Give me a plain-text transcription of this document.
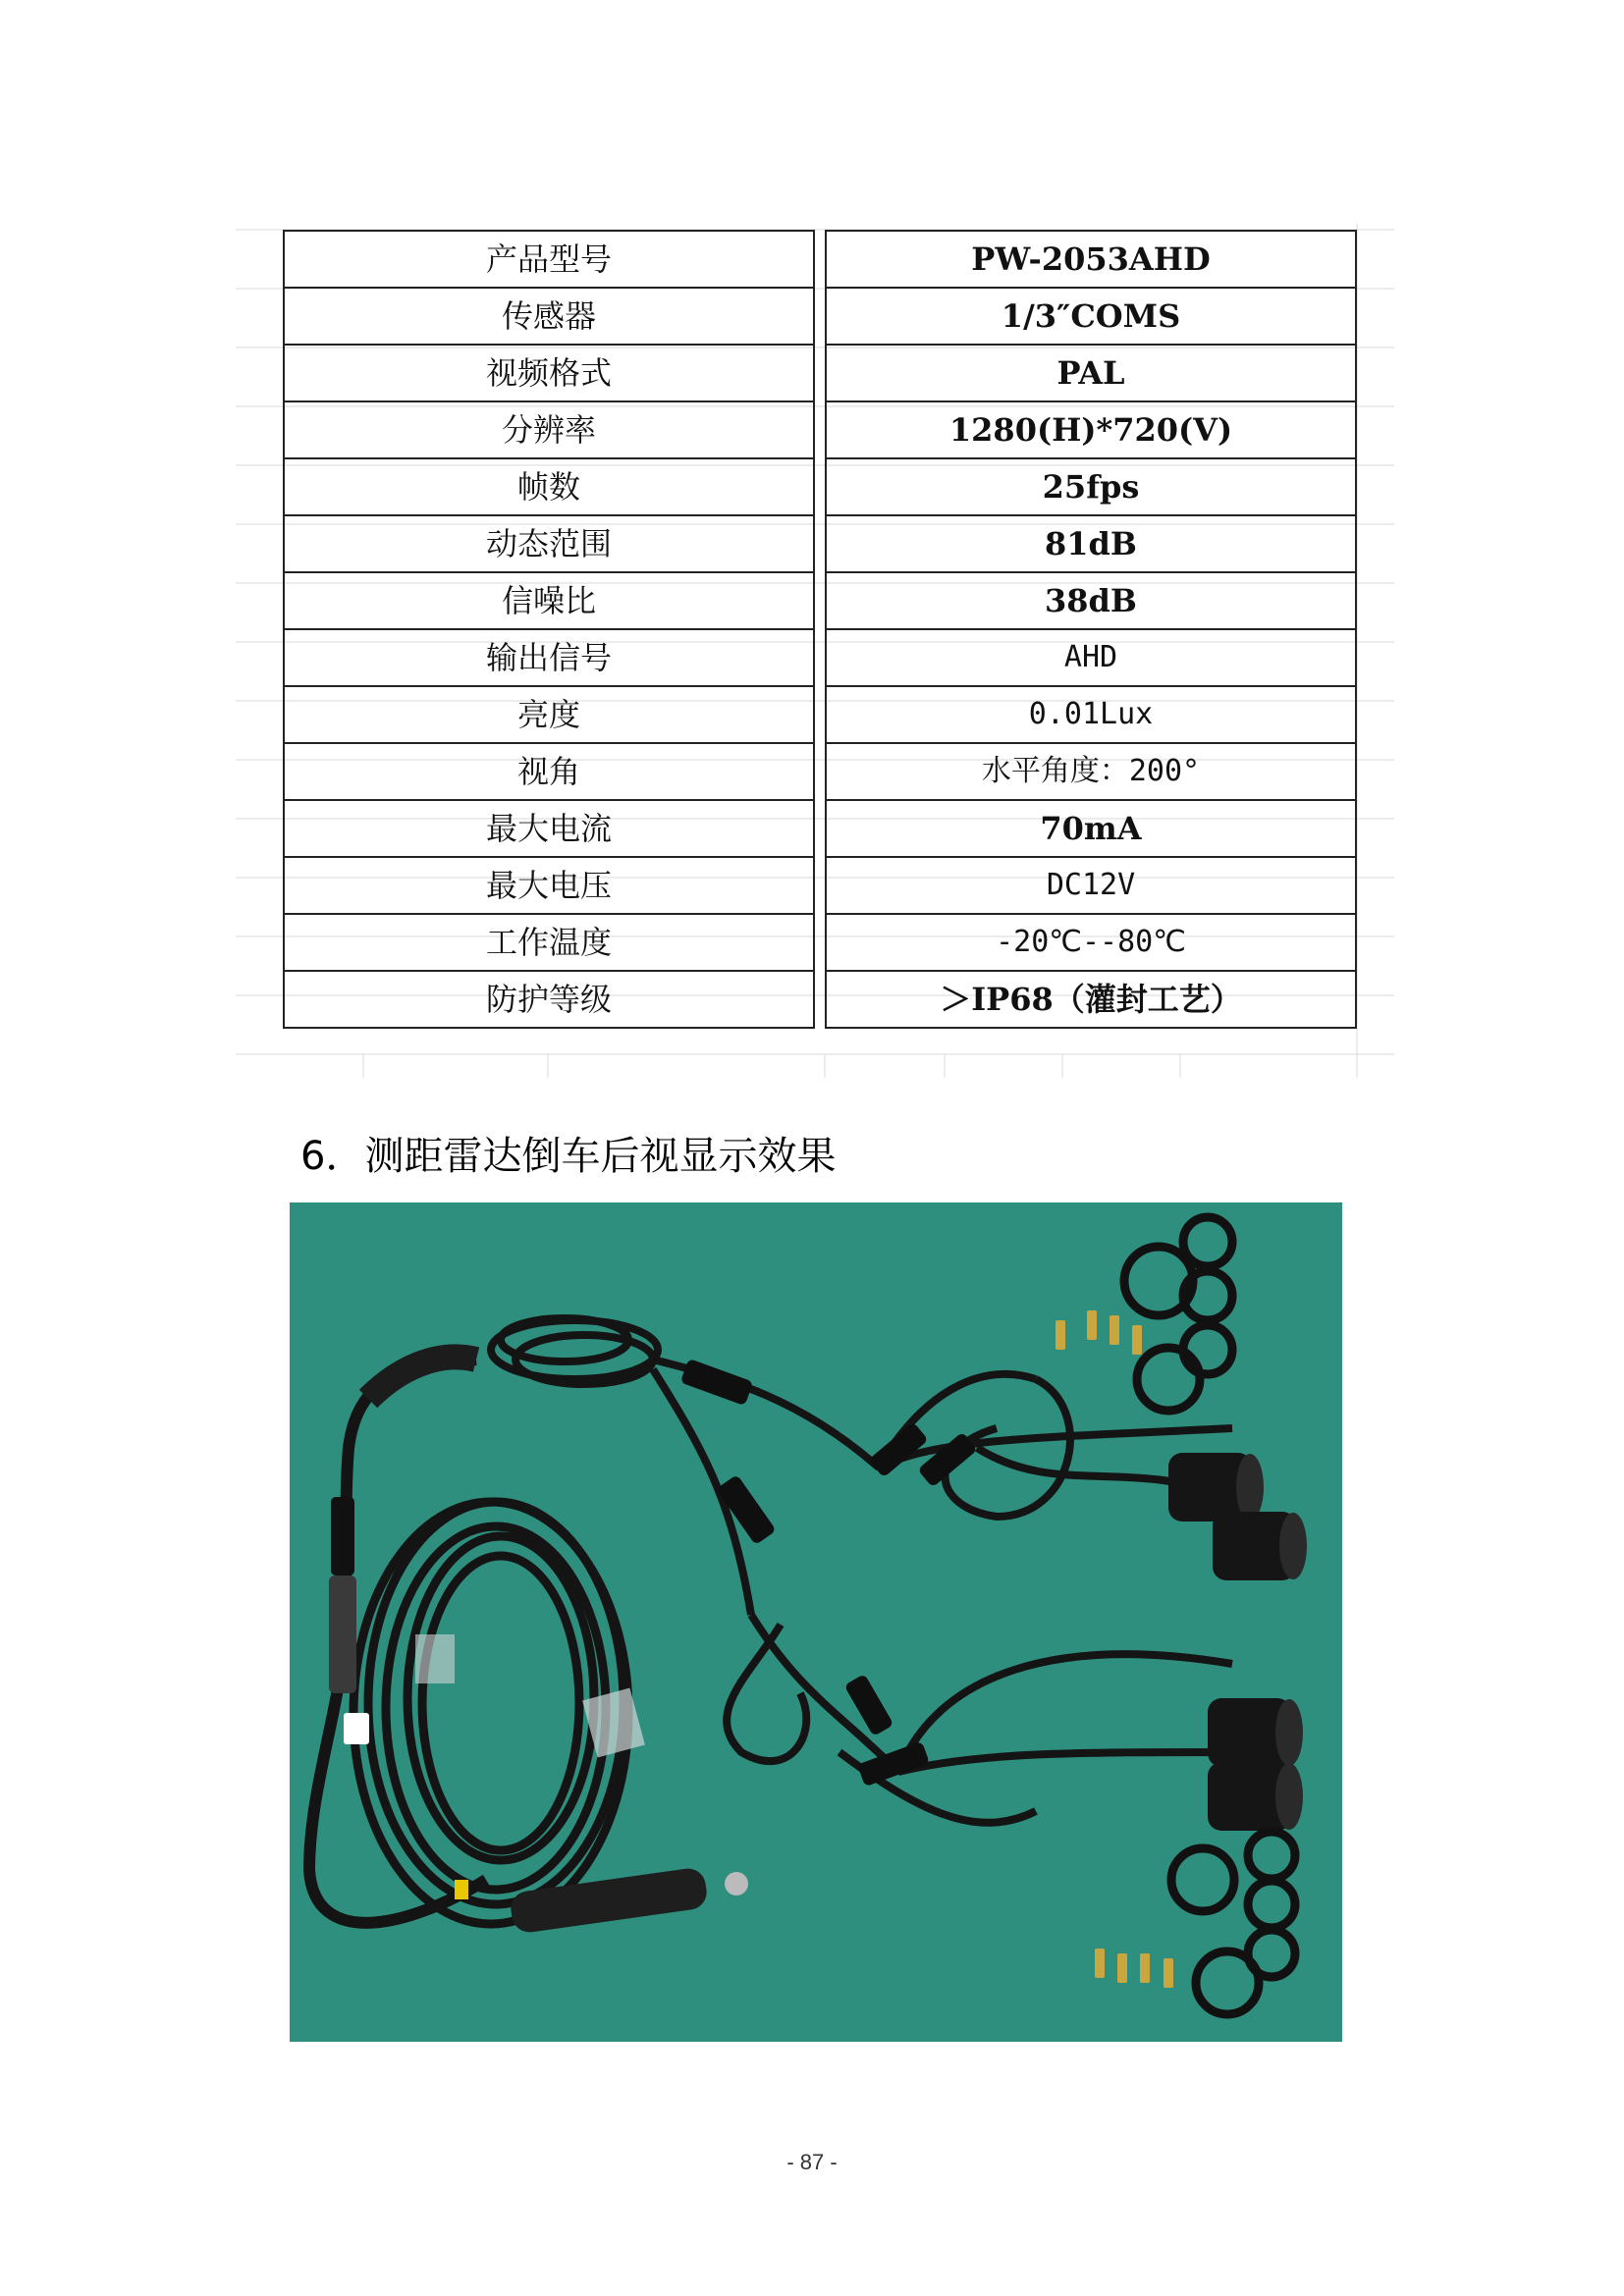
产品型号		PW-2053AHD
传感器		1/3″COMS
视频格式		PAL
分辨率		1280(H)*720(V)
帧数		25fps
动态范围		81dB
信噪比		38dB
输出信号		AHD
亮度		0.01Lux
视角		水平角度：200°
最大电流		70mA
最大电压		DC12V
工作温度		-20℃--80℃
防护等级		＞IP68（灌封工艺）
6．测距雷达倒车后视显示效果
- 87 -
